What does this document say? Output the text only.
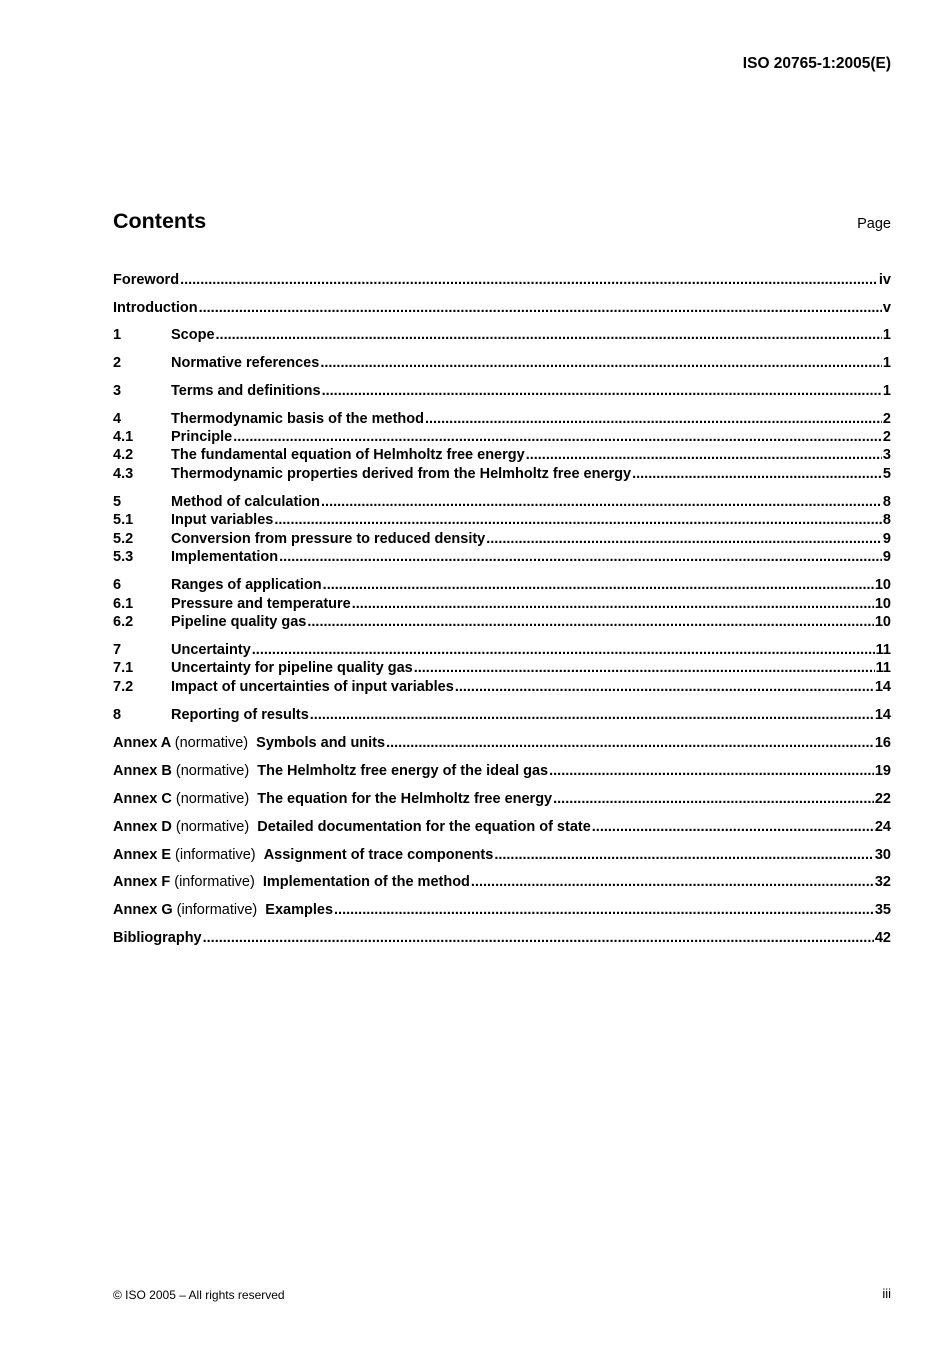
ISO 20765-1:2005(E)
Contents	Page
Foreword .....	iv
Introduction .....	v
1	Scope .....	1
2	Normative references .....	1
3	Terms and definitions .....	1
4	Thermodynamic basis of the method .....	2
4.1	Principle .....	2
4.2	The fundamental equation of Helmholtz free energy .....	3
4.3	Thermodynamic properties derived from the Helmholtz free energy .....	5
5	Method of calculation .....	8
5.1	Input variables .....	8
5.2	Conversion from pressure to reduced density .....	9
5.3	Implementation .....	9
6	Ranges of application .....	10
6.1	Pressure and temperature .....	10
6.2	Pipeline quality gas .....	10
7	Uncertainty .....	11
7.1	Uncertainty for pipeline quality gas .....	11
7.2	Impact of uncertainties of input variables .....	14
8	Reporting of results .....	14
Annex A (normative) Symbols and units .....	16
Annex B (normative) The Helmholtz free energy of the ideal gas .....	19
Annex C (normative) The equation for the Helmholtz free energy .....	22
Annex D (normative) Detailed documentation for the equation of state .....	24
Annex E (informative) Assignment of trace components .....	30
Annex F (informative) Implementation of the method .....	32
Annex G (informative) Examples .....	35
Bibliography .....	42
© ISO 2005 – All rights reserved	iii
